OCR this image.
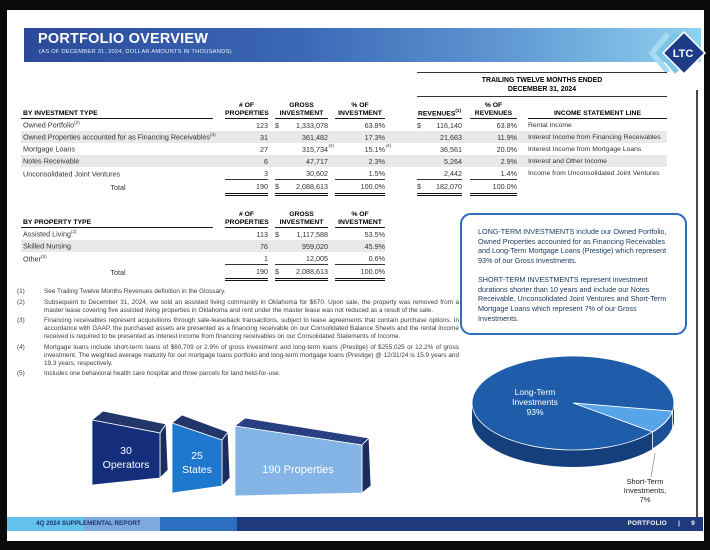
PORTFOLIO OVERVIEW
(AS OF DECEMBER 31, 2024, DOLLAR AMOUNTS IN THOUSANDS)	LTC
REIT
TRAILING TWELVE MONTHS ENDED
DECEMBER 31, 2024
BY INVESTMENT TYPE		
# OF
PROPERTIES

GROSS
INVESTMENT

% OF
INVESTMENT		REVENUES$^{(1)}$

% OF
REVENUES		INCOME STATEMENT LINE
Owned Portfolio$^{(2)}$		123		$ 1,333,078		63.8%		$ 116,140		63.8%		Rental Income
Owned Properties accounted for as Financing Receivables$^{(3)}$		31		361,482		17.3%		21,663		11.9%		Interest Income from Financing Receivables
Mortgage Loans		27		315,734 (4)		15.1% (4)		36,561		20.0%		Interest Income from Mortgage Loans
Notes Receivable		6		47,717		2.3%		5,264		2.9%		Interest and Other Income
Unconsolidated Joint Ventures		3		30,602		1.5%		2,442		1.4%		Income from Unconsolidated Joint Ventures
Total		190		$ 2,088,613		100.0%		$ 182,070		100.0%		
BY PROPERTY TYPE		
# OF
PROPERTIES

GROSS
INVESTMENT

% OF
INVESTMENT

Assisted Living$^{(2)}$		113		$ 1,117,588		53.5%

Skilled Nursing		76		959,020		45.9%

Other$^{(5)}$		1		12,005		0.6%

Total		190		$ 2,088,613		100.0%
(1)	See Trailing Twelve Months Revenues definition in the Glossary.
(2)	Subsequent to December 31, 2024, we sold an assisted living community in Oklahoma for $670. Upon sale, the property was removed from a master lease covering five assisted living properties in Oklahoma and rent under the master lease was not reduced as a result of the sale.
(3)	Financing receivables represent acquisitions through sale-leaseback transactions, subject to lease agreements that contain purchase options. In accordance with GAAP, the purchased assets are presented as a financing receivable on our Consolidated Balance Sheets and the rental income received is required to be presented as interest income from financing receivables on our Consolidated Statements of Income.
(4)	Mortgage loans include short-term loans of $60,709 or 2.9% of gross investment and long-term loans (Prestige) of $255,025 or 12.2% of gross investment. The weighted average maturity for our mortgage loans portfolio and long-term mortgage loans (Prestige) @ 12/31/24 is 15.9 years and 19.3 years, respectively.
(5)	Includes one behavioral health care hospital and three parcels for land held-for-use.

LONG-TERM INVESTMENTS include our Owned Portfolio, Owned Properties accounted for as Financing Receivables and Long-Term Mortgage Loans (Prestige) which represent 93% of our Gross Investments.

SHORT-TERM INVESTMENTS represent investment durations shorter than 10 years and include our Notes Receivable, Unconsolidated Joint Ventures and Short-Term Mortgage Loans which represent 7% of our Gross Investments.

Long-Term
Investments
93%
Short-Term
Investments,
7%
30
Operators
25
States	190 Properties
4Q 2024 SUPPLEMENTAL REPORT	PORTFOLIO | 9
